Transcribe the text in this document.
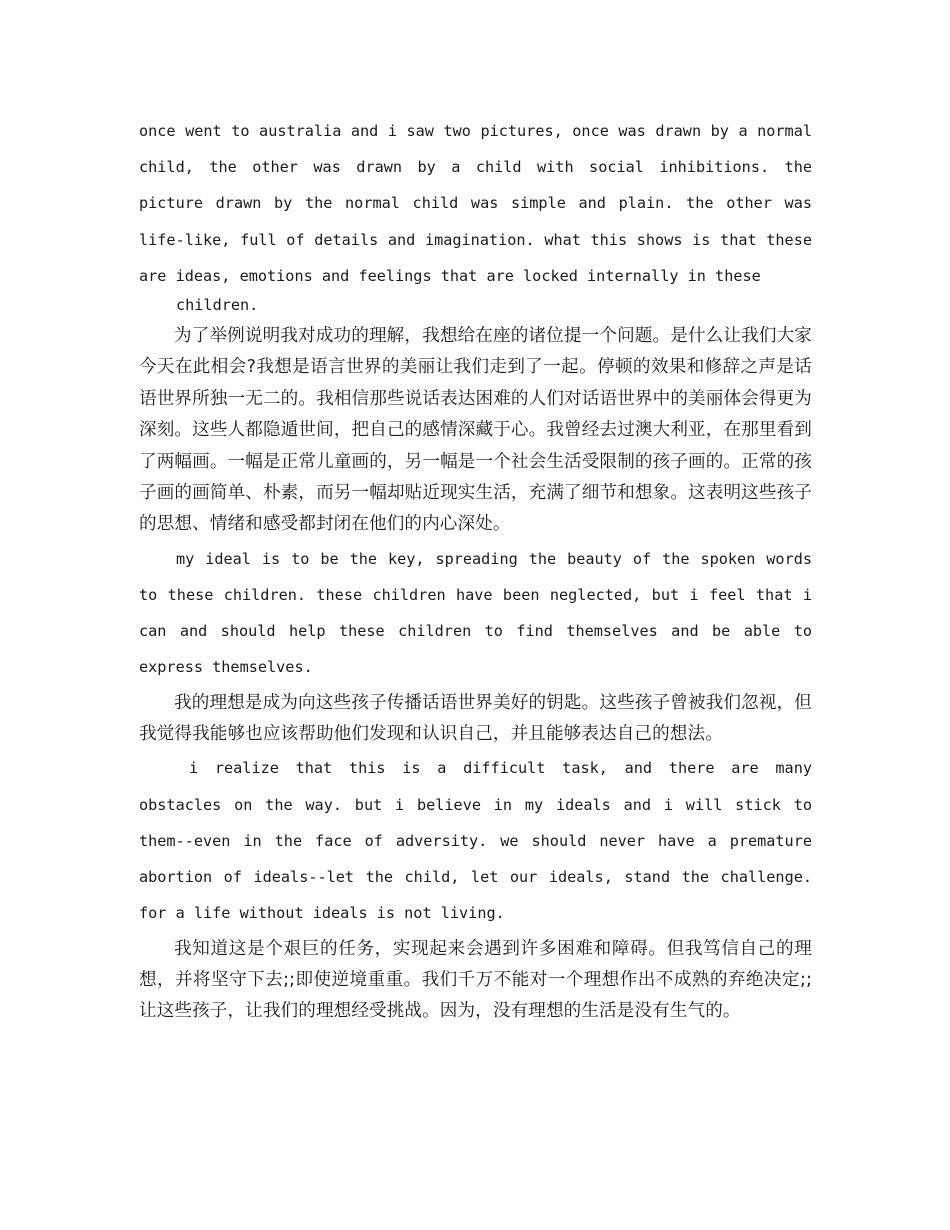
once went to australia and i saw two pictures, once was drawn by a normal child, the other was drawn by a child with social inhibitions. the picture drawn by the normal child was simple and plain. the other was life-like, full of details and imagination. what this shows is that these are ideas, emotions and feelings that are locked internally in these

children.

为了举例说明我对成功的理解，我想给在座的诸位提一个问题。是什么让我们大家今天在此相会?我想是语言世界的美丽让我们走到了一起。停顿的效果和修辞之声是话语世界所独一无二的。我相信那些说话表达困难的人们对话语世界中的美丽体会得更为深刻。这些人都隐遁世间，把自己的感情深藏于心。我曾经去过澳大利亚，在那里看到了两幅画。一幅是正常儿童画的，另一幅是一个社会生活受限制的孩子画的。正常的孩子画的画简单、朴素，而另一幅却贴近现实生活，充满了细节和想象。这表明这些孩子的思想、情绪和感受都封闭在他们的内心深处。

my ideal is to be the key, spreading the beauty of the spoken words to these children. these children have been neglected, but i feel that i can and should help these children to find themselves and be able to express themselves.

我的理想是成为向这些孩子传播话语世界美好的钥匙。这些孩子曾被我们忽视，但我觉得我能够也应该帮助他们发现和认识自己，并且能够表达自己的想法。

i realize that this is a difficult task, and there are many obstacles on the way. but i believe in my ideals and i will stick to them--even in the face of adversity. we should never have a premature abortion of ideals--let the child, let our ideals, stand the challenge. for a life without ideals is not living.

我知道这是个艰巨的任务，实现起来会遇到许多困难和障碍。但我笃信自己的理想，并将坚守下去;;即使逆境重重。我们千万不能对一个理想作出不成熟的弃绝决定;;让这些孩子，让我们的理想经受挑战。因为，没有理想的生活是没有生气的。
